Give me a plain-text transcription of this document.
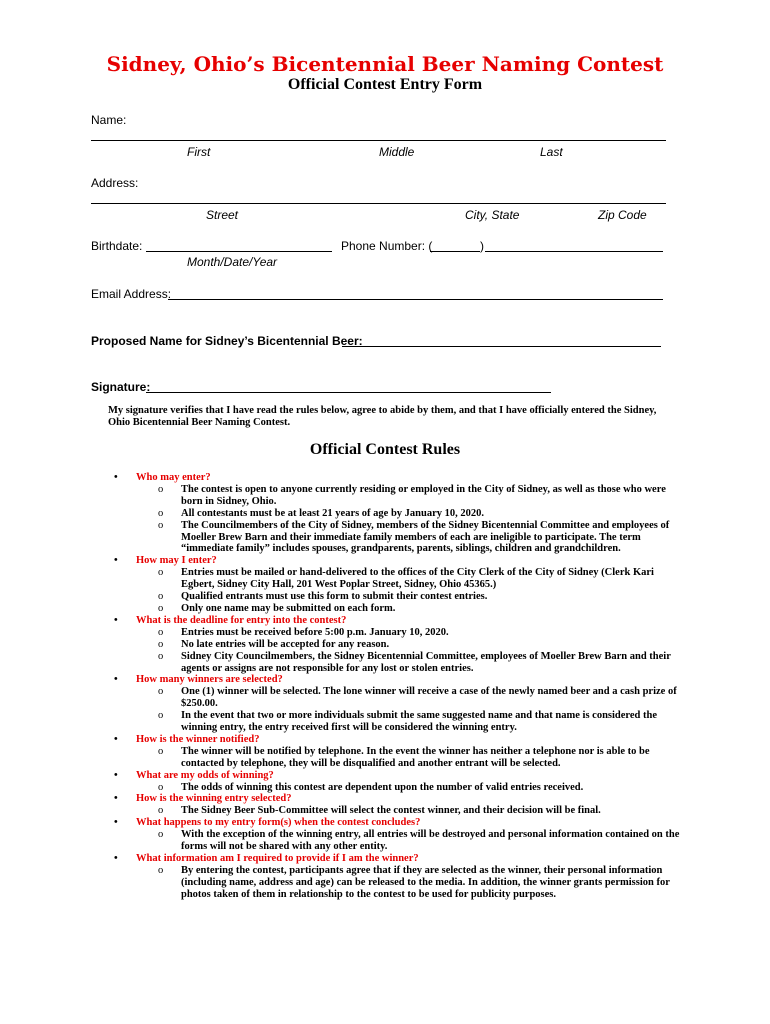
Sidney, Ohio’s Bicentennial Beer Naming Contest
Official Contest Entry Form
Name:
First	Middle	Last
Address:
Street	City, State	Zip Code
Birthdate:	Phone Number: (	)
Month/Date/Year
Email Address:
Proposed Name for Sidney’s Bicentennial Beer:
Signature:
My signature verifies that I have read the rules below, agree to abide by them, and that I have officially entered the Sidney, Ohio Bicentennial Beer Naming Contest.
Official Contest Rules
• Who may enter?
o The contest is open to anyone currently residing or employed in the City of Sidney, as well as those who were born in Sidney, Ohio.
o All contestants must be at least 21 years of age by January 10, 2020.
o The Councilmembers of the City of Sidney, members of the Sidney Bicentennial Committee and employees of Moeller Brew Barn and their immediate family members of each are ineligible to participate. The term “immediate family” includes spouses, grandparents, parents, siblings, children and grandchildren.
• How may I enter?
o Entries must be mailed or hand-delivered to the offices of the City Clerk of the City of Sidney (Clerk Kari Egbert, Sidney City Hall, 201 West Poplar Street, Sidney, Ohio 45365.)
o Qualified entrants must use this form to submit their contest entries.
o Only one name may be submitted on each form.
• What is the deadline for entry into the contest?
o Entries must be received before 5:00 p.m. January 10, 2020.
o No late entries will be accepted for any reason.
o Sidney City Councilmembers, the Sidney Bicentennial Committee, employees of Moeller Brew Barn and their agents or assigns are not responsible for any lost or stolen entries.
• How many winners are selected?
o One (1) winner will be selected. The lone winner will receive a case of the newly named beer and a cash prize of $250.00.
o In the event that two or more individuals submit the same suggested name and that name is considered the winning entry, the entry received first will be considered the winning entry.
• How is the winner notified?
o The winner will be notified by telephone. In the event the winner has neither a telephone nor is able to be contacted by telephone, they will be disqualified and another entrant will be selected.
• What are my odds of winning?
o The odds of winning this contest are dependent upon the number of valid entries received.
• How is the winning entry selected?
o The Sidney Beer Sub-Committee will select the contest winner, and their decision will be final.
• What happens to my entry form(s) when the contest concludes?
o With the exception of the winning entry, all entries will be destroyed and personal information contained on the forms will not be shared with any other entity.
• What information am I required to provide if I am the winner?
o By entering the contest, participants agree that if they are selected as the winner, their personal information (including name, address and age) can be released to the media. In addition, the winner grants permission for photos taken of them in relationship to the contest to be used for publicity purposes.
